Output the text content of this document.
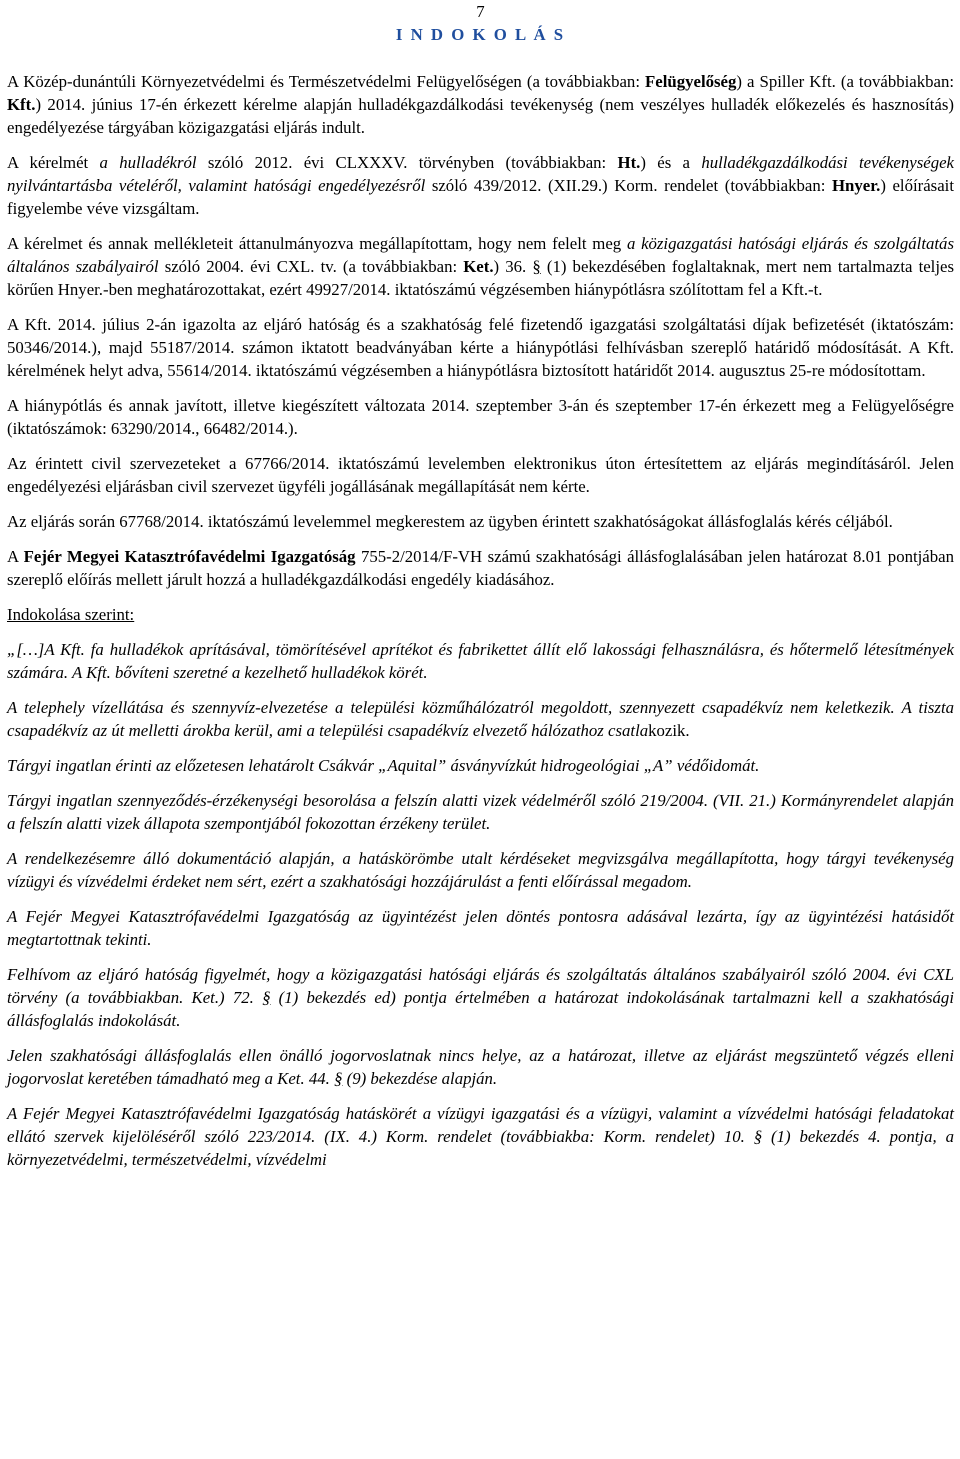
7
I N D O K O L Á S

A Közép-dunántúli Környezetvédelmi és Természetvédelmi Felügyelőségen (a továbbiakban: Felügyelőség) a Spiller Kft. (a továbbiakban: Kft.) 2014. június 17-én érkezett kérelme alapján hulladékgazdálkodási tevékenység (nem veszélyes hulladék előkezelés és hasznosítás) engedélyezése tárgyában közigazgatási eljárás indult.

A kérelmét a hulladékról szóló 2012. évi CLXXXV. törvényben (továbbiakban: Ht.) és a hulladékgazdálkodási tevékenységek nyilvántartásba vételéről, valamint hatósági engedélyezésről szóló 439/2012. (XII.29.) Korm. rendelet (továbbiakban: Hnyer.) előírásait figyelembe véve vizsgáltam.

A kérelmet és annak mellékleteit áttanulmányozva megállapítottam, hogy nem felelt meg a közigazgatási hatósági eljárás és szolgáltatás általános szabályairól szóló 2004. évi CXL. tv. (a továbbiakban: Ket.) 36. § (1) bekezdésében foglaltaknak, mert nem tartalmazta teljes körűen Hnyer.-ben meghatározottakat, ezért 49927/2014. iktatószámú végzésemben hiánypótlásra szólítottam fel a Kft.-t.

A Kft. 2014. július 2-án igazolta az eljáró hatóság és a szakhatóság felé fizetendő igazgatási szolgáltatási díjak befizetését (iktatószám: 50346/2014.), majd 55187/2014. számon iktatott beadványában kérte a hiánypótlási felhívásban szereplő határidő módosítását. A Kft. kérelmének helyt adva, 55614/2014. iktatószámú végzésemben a hiánypótlásra biztosított határidőt 2014. augusztus 25-re módosítottam.

A hiánypótlás és annak javított, illetve kiegészített változata 2014. szeptember 3-án és szeptember 17-én érkezett meg a Felügyelőségre (iktatószámok: 63290/2014., 66482/2014.).

Az érintett civil szervezeteket a 67766/2014. iktatószámú levelemben elektronikus úton értesítettem az eljárás megindításáról. Jelen engedélyezési eljárásban civil szervezet ügyféli jogállásának megállapítását nem kérte.

Az eljárás során 67768/2014. iktatószámú levelemmel megkerestem az ügyben érintett szakhatóságokat állásfoglalás kérés céljából.

A Fejér Megyei Katasztrófavédelmi Igazgatóság 755-2/2014/F-VH számú szakhatósági állásfoglalásában jelen határozat 8.01 pontjában szereplő előírás mellett járult hozzá a hulladékgazdálkodási engedély kiadásához.

Indokolása szerint:

„[…]A Kft. fa hulladékok aprításával, tömörítésével aprítékot és fabrikettet állít elő lakossági felhasználásra, és hőtermelő létesítmények számára. A Kft. bővíteni szeretné a kezelhető hulladékok körét.

A telephely vízellátása és szennyvíz-elvezetése a települési közműhálózatról megoldott, szennyezett csapadékvíz nem keletkezik. A tiszta csapadékvíz az út melletti árokba kerül, ami a települési csapadékvíz elvezető hálózathoz csatlakozik.

Tárgyi ingatlan érinti az előzetesen lehatárolt Csákvár „Aquital” ásványvízkút hidrogeológiai „A” védőidomát.

Tárgyi ingatlan szennyeződés-érzékenységi besorolása a felszín alatti vizek védelméről szóló 219/2004. (VII. 21.) Kormányrendelet alapján a felszín alatti vizek állapota szempontjából fokozottan érzékeny terület.

A rendelkezésemre álló dokumentáció alapján, a hatáskörömbe utalt kérdéseket megvizsgálva megállapította, hogy tárgyi tevékenység vízügyi és vízvédelmi érdeket nem sért, ezért a szakhatósági hozzájárulást a fenti előírással megadom.

A Fejér Megyei Katasztrófavédelmi Igazgatóság az ügyintézést jelen döntés pontosra adásával lezárta, így az ügyintézési hatásidőt megtartottnak tekinti.

Felhívom az eljáró hatóság figyelmét, hogy a közigazgatási hatósági eljárás és szolgáltatás általános szabályairól szóló 2004. évi CXL törvény (a továbbiakban. Ket.) 72. § (1) bekezdés ed) pontja értelmében a határozat indokolásának tartalmazni kell a szakhatósági állásfoglalás indokolását.

Jelen szakhatósági állásfoglalás ellen önálló jogorvoslatnak nincs helye, az a határozat, illetve az eljárást megszüntető végzés elleni jogorvoslat keretében támadható meg a Ket. 44. § (9) bekezdése alapján.

A Fejér Megyei Katasztrófavédelmi Igazgatóság hatáskörét a vízügyi igazgatási és a vízügyi, valamint a vízvédelmi hatósági feladatokat ellátó szervek kijelöléséről szóló 223/2014. (IX. 4.) Korm. rendelet (továbbiakba: Korm. rendelet) 10. § (1) bekezdés 4. pontja, a környezetvédelmi, természetvédelmi, vízvédelmi
